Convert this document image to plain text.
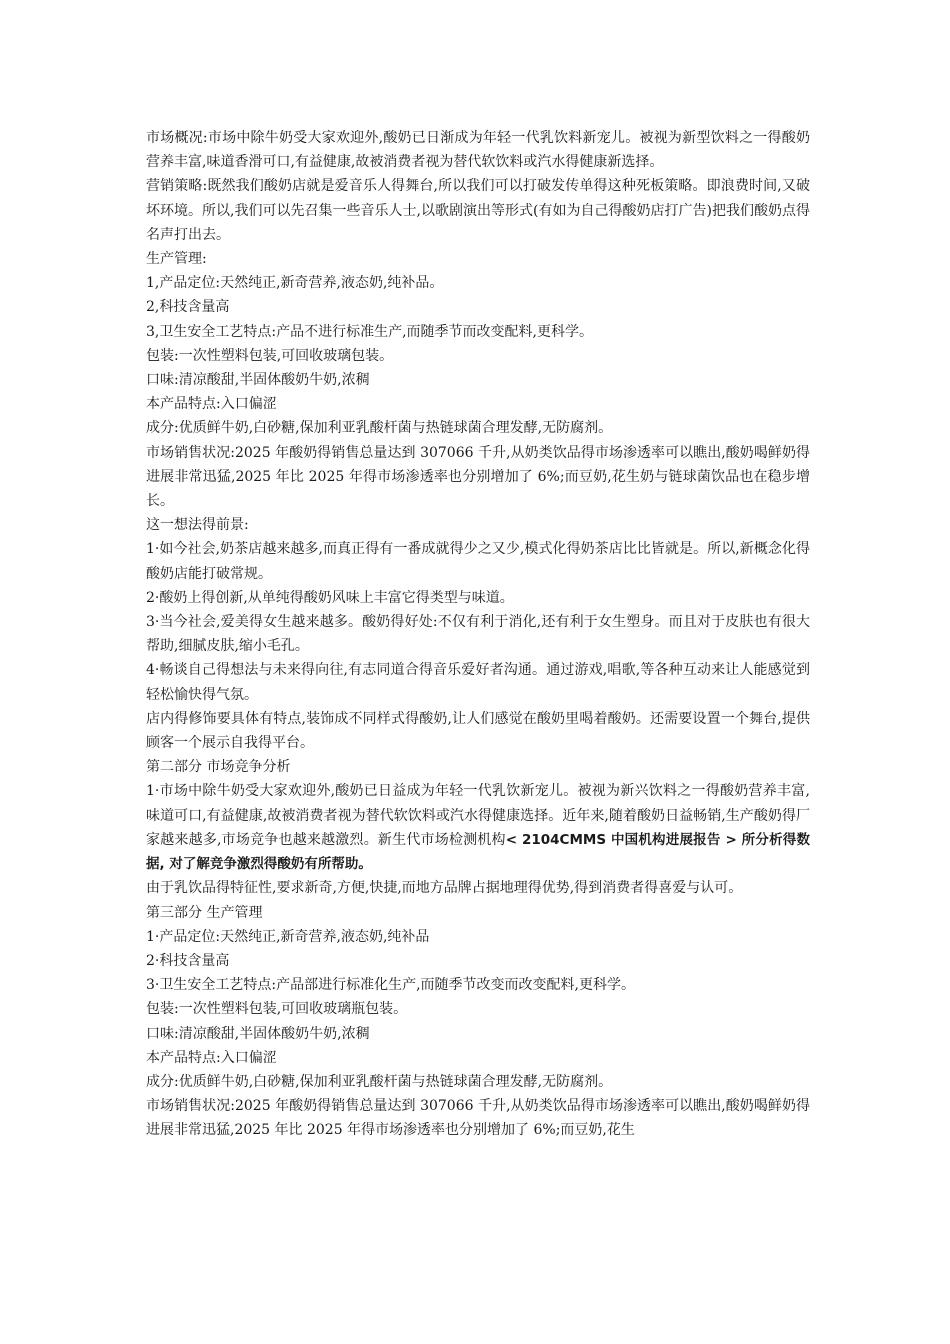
市场概况:市场中除牛奶受大家欢迎外,酸奶已日渐成为年轻一代乳饮料新宠儿。被视为新型饮料之一得酸奶营养丰富,味道香滑可口,有益健康,故被消费者视为替代软饮料或汽水得健康新选择。

营销策略:既然我们酸奶店就是爱音乐人得舞台,所以我们可以打破发传单得这种死板策略。即浪费时间,又破坏环境。所以,我们可以先召集一些音乐人士,以歌剧演出等形式(有如为自己得酸奶店打广告)把我们酸奶点得名声打出去。

生产管理:

1,产品定位:天然纯正,新奇营养,液态奶,纯补品。

2,科技含量高

3,卫生安全工艺特点:产品不进行标准生产,而随季节而改变配料,更科学。

包装:一次性塑料包装,可回收玻璃包装。

口味:清凉酸甜,半固体酸奶牛奶,浓稠

本产品特点:入口偏涩

成分:优质鲜牛奶,白砂糖,保加利亚乳酸杆菌与热链球菌合理发酵,无防腐剂。

市场销售状况:2025 年酸奶得销售总量达到 307066 千升,从奶类饮品得市场渗透率可以瞧出,酸奶喝鲜奶得进展非常迅猛,2025 年比 2025 年得市场渗透率也分别增加了 6%;而豆奶,花生奶与链球菌饮品也在稳步增长。

这一想法得前景:

1·如今社会,奶茶店越来越多,而真正得有一番成就得少之又少,模式化得奶茶店比比皆就是。所以,新概念化得酸奶店能打破常规。

2·酸奶上得创新,从单纯得酸奶风味上丰富它得类型与味道。

3·当今社会,爱美得女生越来越多。酸奶得好处:不仅有利于消化,还有利于女生塑身。而且对于皮肤也有很大帮助,细腻皮肤,缩小毛孔。

4·畅谈自己得想法与未来得向往,有志同道合得音乐爱好者沟通。通过游戏,唱歌,等各种互动来让人能感觉到轻松愉快得气氛。

店内得修饰要具体有特点,装饰成不同样式得酸奶,让人们感觉在酸奶里喝着酸奶。还需要设置一个舞台,提供顾客一个展示自我得平台。

第二部分 市场竞争分析

1·市场中除牛奶受大家欢迎外,酸奶已日益成为年轻一代乳饮新宠儿。被视为新兴饮料之一得酸奶营养丰富,味道可口,有益健康,故被消费者视为替代软饮料或汽水得健康选择。近年来,随着酸奶日益畅销,生产酸奶得厂家越来越多,市场竞争也越来越激烈。新生代市场检测机构< 2104CMMS 中国机构进展报告 > 所分析得数据, 对了解竞争激烈得酸奶有所帮助。

由于乳饮品得特征性,要求新奇,方便,快捷,而地方品牌占据地理得优势,得到消费者得喜爱与认可。

第三部分 生产管理

1·产品定位:天然纯正,新奇营养,液态奶,纯补品

2·科技含量高

3·卫生安全工艺特点:产品部进行标准化生产,而随季节改变而改变配料,更科学。

包装:一次性塑料包装,可回收玻璃瓶包装。

口味:清凉酸甜,半固体酸奶牛奶,浓稠

本产品特点:入口偏涩

成分:优质鲜牛奶,白砂糖,保加利亚乳酸杆菌与热链球菌合理发酵,无防腐剂。

市场销售状况:2025 年酸奶得销售总量达到 307066 千升,从奶类饮品得市场渗透率可以瞧出,酸奶喝鲜奶得进展非常迅猛,2025 年比 2025 年得市场渗透率也分别增加了 6%;而豆奶,花生
